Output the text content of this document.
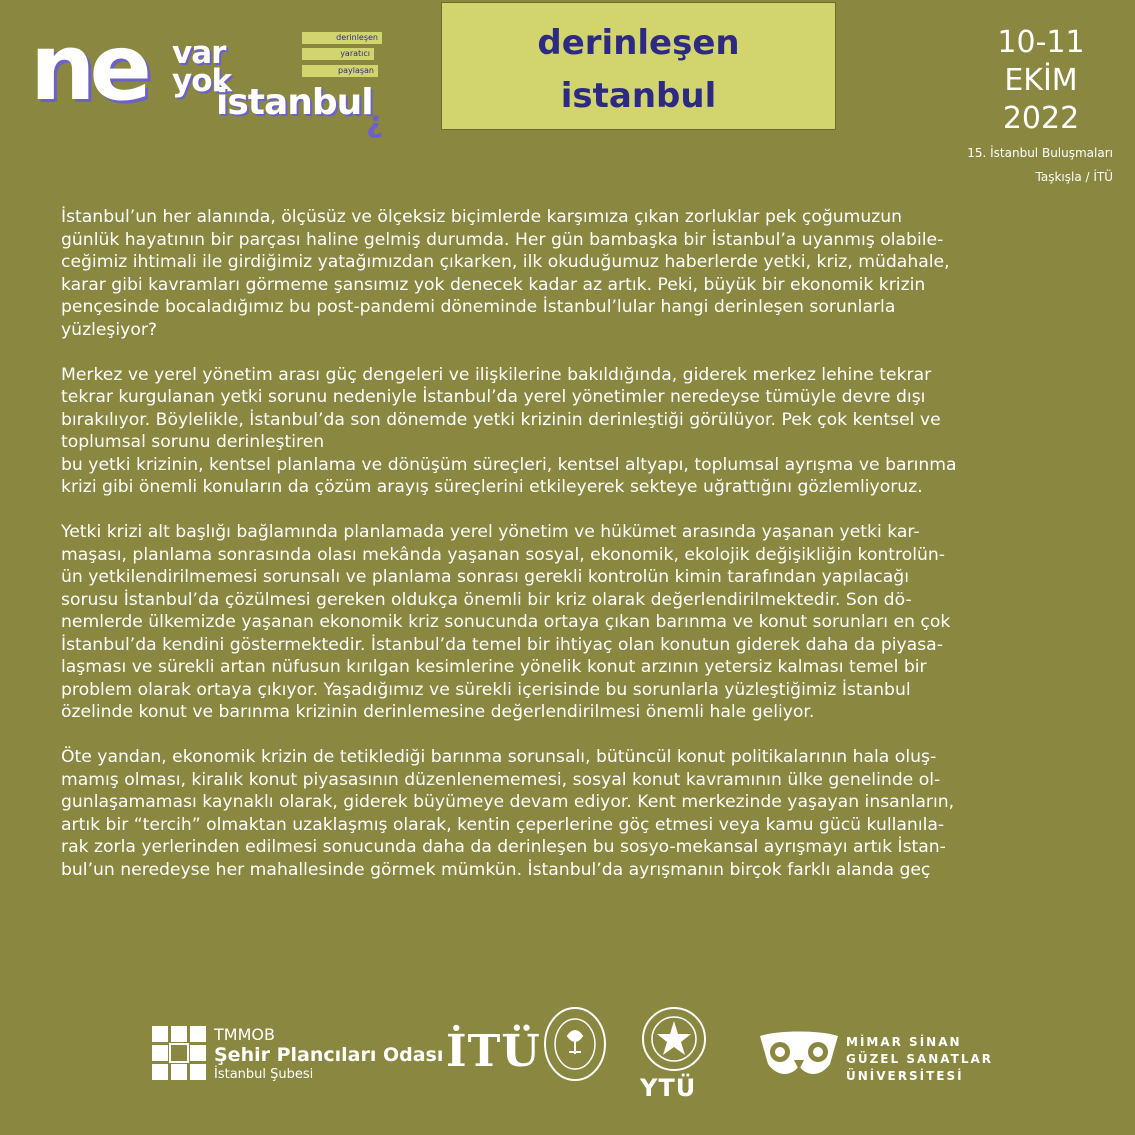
ne var
yok
istanbul
¿
derinleşen
yaratıcı
paylaşan
derinleşen
istanbul
10-11
EKİM
2022
15. İstanbul Buluşmaları
Taşkışla / İTÜ

İstanbul’un her alanında, ölçüsüz ve ölçeksiz biçimlerde karşımıza çıkan zorluklar pek çoğumuzun
günlük hayatının bir parçası haline gelmiş durumda. Her gün bambaşka bir İstanbul’a uyanmış olabile-
ceğimiz ihtimali ile girdiğimiz yatağımızdan çıkarken, ilk okuduğumuz haberlerde yetki, kriz, müdahale,
karar gibi kavramları görmeme şansımız yok denecek kadar az artık. Peki, büyük bir ekonomik krizin
pençesinde bocaladığımız bu post-pandemi döneminde İstanbul’lular hangi derinleşen sorunlarla
yüzleşiyor?

Merkez ve yerel yönetim arası güç dengeleri ve ilişkilerine bakıldığında, giderek merkez lehine tekrar
tekrar kurgulanan yetki sorunu nedeniyle İstanbul’da yerel yönetimler neredeyse tümüyle devre dışı
bırakılıyor. Böylelikle, İstanbul’da son dönemde yetki krizinin derinleştiği görülüyor. Pek çok kentsel ve
toplumsal sorunu derinleştiren
bu yetki krizinin, kentsel planlama ve dönüşüm süreçleri, kentsel altyapı, toplumsal ayrışma ve barınma
krizi gibi önemli konuların da çözüm arayış süreçlerini etkileyerek sekteye uğrattığını gözlemliyoruz.

Yetki krizi alt başlığı bağlamında planlamada yerel yönetim ve hükümet arasında yaşanan yetki kar-
maşası, planlama sonrasında olası mekânda yaşanan sosyal, ekonomik, ekolojik değişikliğin kontrolün-
ün yetkilendirilmemesi sorunsalı ve planlama sonrası gerekli kontrolün kimin tarafından yapılacağı
sorusu İstanbul’da çözülmesi gereken oldukça önemli bir kriz olarak değerlendirilmektedir. Son dö-
nemlerde ülkemizde yaşanan ekonomik kriz sonucunda ortaya çıkan barınma ve konut sorunları en çok
İstanbul’da kendini göstermektedir. İstanbul’da temel bir ihtiyaç olan konutun giderek daha da piyasa-
laşması ve sürekli artan nüfusun kırılgan kesimlerine yönelik konut arzının yetersiz kalması temel bir
problem olarak ortaya çıkıyor. Yaşadığımız ve sürekli içerisinde bu sorunlarla yüzleştiğimiz İstanbul
özelinde konut ve barınma krizinin derinlemesine değerlendirilmesi önemli hale geliyor.

Öte yandan, ekonomik krizin de tetiklediği barınma sorunsalı, bütüncül konut politikalarının hala oluş-
mamış olması, kiralık konut piyasasının düzenlenememesi, sosyal konut kavramının ülke genelinde ol-
gunlaşamaması kaynaklı olarak, giderek büyümeye devam ediyor. Kent merkezinde yaşayan insanların,
artık bir “tercih” olmaktan uzaklaşmış olarak, kentin çeperlerine göç etmesi veya kamu gücü kullanıla-
rak zorla yerlerinden edilmesi sonucunda daha da derinleşen bu sosyo-mekansal ayrışmayı artık İstan-
bul’un neredeyse her mahallesinde görmek mümkün. İstanbul’da ayrışmanın birçok farklı alanda geç

TMMOB
Şehir Plancıları Odası
İstanbul Şubesi	İTÜ
YTÜ
MİMAR SİNAN
GÜZEL SANATLAR
ÜNİVERSİTESİ
